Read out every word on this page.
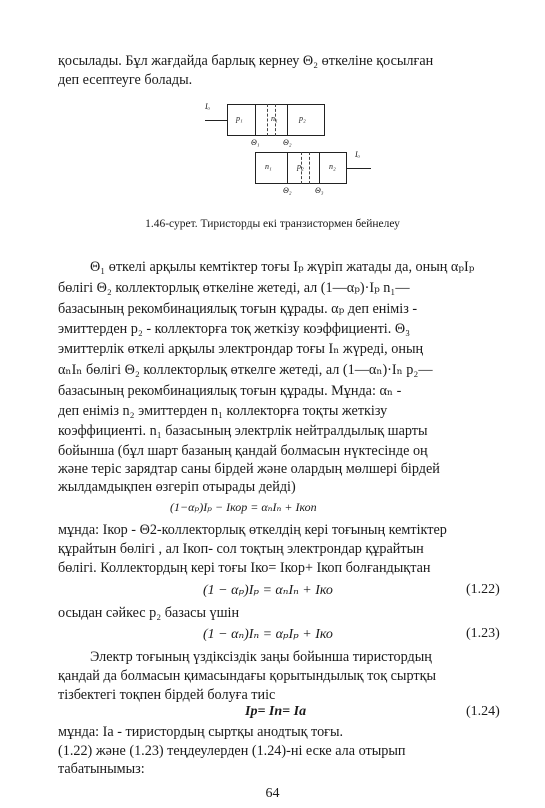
қосылады. Бұл жағдайда барлық кернеу Θ₂ өткеліне қосылған
деп есептеуге болады.
p₁	n₁	p₂
Iₐ
Θ₁	Θ₂
n₁	p₂	n₂
Iₐ
Θ₂	Θ₃
1.46-сурет. Тиристорды екі транзистормен бейнелеу
Θ₁ өткелі арқылы кемтіктер тоғы Iₚ жүріп жатады да, оның αₚIₚ
бөлігі Θ₂ коллекторлық өткеліне жетеді, ал (1—αₚ)·Iₚ n₁—
базасының рекомбинациялық тоғын құрады. αₚ деп еніміз -
эмиттерден p₂ - коллекторға тоқ жеткізу коэффициенті. Θ₃
эмиттерлік өткелі арқылы электрондар тоғы Iₙ жүреді, оның
αₙIₙ бөлігі Θ₂ коллекторлық өткелге жетеді, ал (1—αₙ)·Iₙ p₂—
базасының рекомбинациялық тоғын құрады. Мұнда: αₙ -
деп еніміз n₂ эмиттерден n₁ коллекторға тоқты жеткізу
коэффициенті. n₁ базасының электрлік нейтралдылық шарты
бойынша (бұл шарт базаның қандай болмасын нүктесінде оң
және теріс зарядтар саны бірдей және олардың мөлшері бірдей
жылдамдықпен өзгеріп отырады дейді)
(1−αₚ)Iₚ − Iкор = αₙIₙ + Iкоп
мұнда: Iкор - Θ2-коллекторлық өткелдің кері тоғының кемтіктер
құрайтын бөлігі , ал Iкоп- сол тоқтың электрондар құрайтын
бөлігі. Коллектордың кері тоғы Iко= Iкор+ Iкоп болғандықтан
(1 − αₚ)Iₚ = αₙIₙ + Iко	(1.22)
осыдан сәйкес p₂ базасы үшін
(1 − αₙ)Iₙ = αₚIₚ + Iко	(1.23)
Электр тоғының үздіксіздік заңы бойынша тиристордың
қандай да болмасын қимасындағы қорытындылық тоқ сыртқы
тізбектегі тоқпен бірдей болуға тиіс
Ip= In= Ia	(1.24)
мұнда: Iа - тиристордың сыртқы анодтық тоғы.
(1.22) және (1.23) теңдеулерден (1.24)-ні еске ала отырып
табатынымыз:
64
